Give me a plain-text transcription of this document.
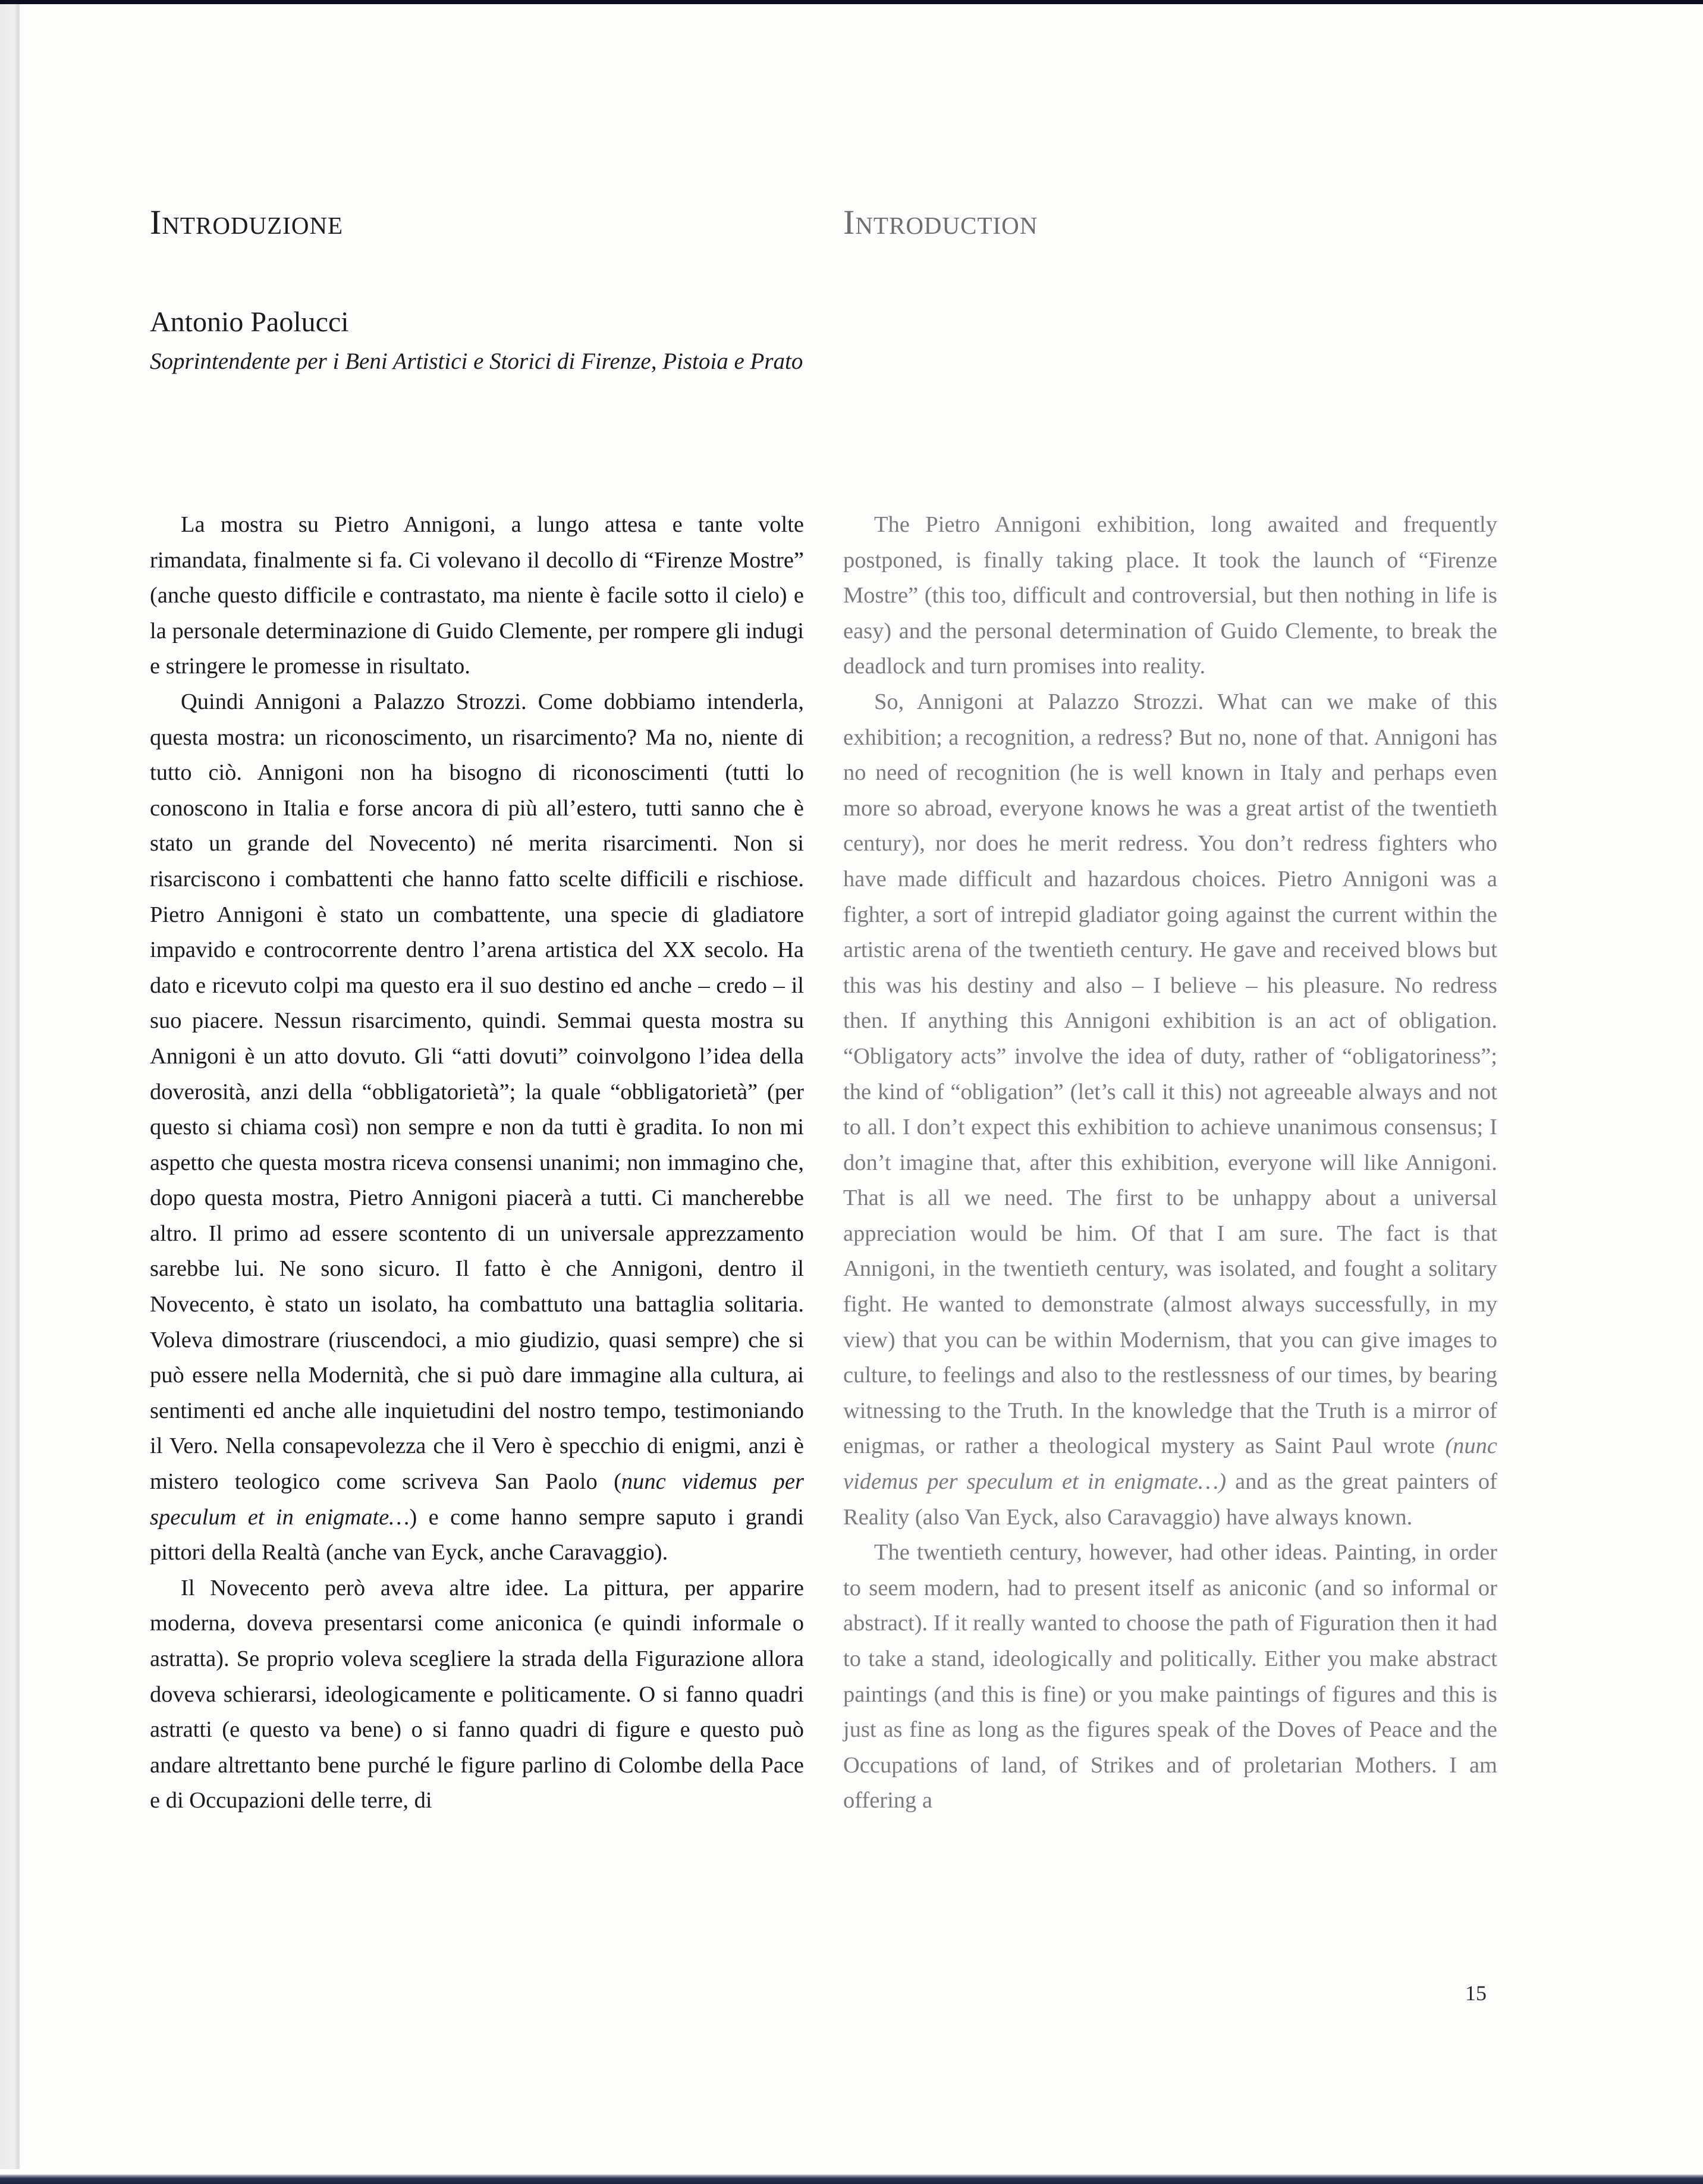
Introduzione
Antonio Paolucci
Soprintendente per i Beni Artistici e Storici di Firenze, Pistoia e Prato

La mostra su Pietro Annigoni, a lungo attesa e tante volte rimandata, finalmente si fa. Ci volevano il decollo di “Firenze Mostre” (anche questo difficile e contrastato, ma niente è facile sotto il cielo) e la personale determinazione di Guido Clemente, per rompere gli indugi e stringere le promesse in risultato.

Quindi Annigoni a Palazzo Strozzi. Come dobbiamo intenderla, questa mostra: un riconoscimento, un risarcimento? Ma no, niente di tutto ciò. Annigoni non ha bisogno di riconoscimenti (tutti lo conoscono in Italia e forse ancora di più all’estero, tutti sanno che è stato un grande del Novecento) né merita risarcimenti. Non si risarciscono i combattenti che hanno fatto scelte difficili e rischiose. Pietro Annigoni è stato un combattente, una specie di gladiatore impavido e controcorrente dentro l’arena artistica del XX secolo. Ha dato e ricevuto colpi ma questo era il suo destino ed anche – credo – il suo piacere. Nessun risarcimento, quindi. Semmai questa mostra su Annigoni è un atto dovuto. Gli “atti dovuti” coinvolgono l’idea della doverosità, anzi della “obbligatorietà”; la quale “obbligatorietà” (per questo si chiama così) non sempre e non da tutti è gradita. Io non mi aspetto che questa mostra riceva consensi unanimi; non immagino che, dopo questa mostra, Pietro Annigoni piacerà a tutti. Ci mancherebbe altro. Il primo ad essere scontento di un universale apprezzamento sarebbe lui. Ne sono sicuro. Il fatto è che Annigoni, dentro il Novecento, è stato un isolato, ha combattuto una battaglia solitaria. Voleva dimostrare (riuscendoci, a mio giudizio, quasi sempre) che si può essere nella Modernità, che si può dare immagine alla cultura, ai sentimenti ed anche alle inquietudini del nostro tempo, testimoniando il Vero. Nella consapevolezza che il Vero è specchio di enigmi, anzi è mistero teologico come scriveva San Paolo (nunc videmus per speculum et in enigmate…) e come hanno sempre saputo i grandi pittori della Realtà (anche van Eyck, anche Caravaggio).

Il Novecento però aveva altre idee. La pittura, per apparire moderna, doveva presentarsi come aniconica (e quindi informale o astratta). Se proprio voleva scegliere la strada della Figurazione allora doveva schierarsi, ideologicamente e politicamente. O si fanno quadri astratti (e questo va bene) o si fanno quadri di figure e questo può andare altrettanto bene purché le figure parlino di Colombe della Pace e di Occupazioni delle terre, di

Introduction

The Pietro Annigoni exhibition, long awaited and frequently postponed, is finally taking place. It took the launch of “Firenze Mostre” (this too, difficult and controversial, but then nothing in life is easy) and the personal determination of Guido Clemente, to break the deadlock and turn promises into reality.

So, Annigoni at Palazzo Strozzi. What can we make of this exhibition; a recognition, a redress? But no, none of that. Annigoni has no need of recognition (he is well known in Italy and perhaps even more so abroad, everyone knows he was a great artist of the twentieth century), nor does he merit redress. You don’t redress fighters who have made difficult and hazardous choices. Pietro Annigoni was a fighter, a sort of intrepid gladiator going against the current within the artistic arena of the twentieth century. He gave and received blows but this was his destiny and also – I believe – his pleasure. No redress then. If anything this Annigoni exhibition is an act of obligation. “Obligatory acts” involve the idea of duty, rather of “obligatoriness”; the kind of “obligation” (let’s call it this) not agreeable always and not to all. I don’t expect this exhibition to achieve unanimous consensus; I don’t imagine that, after this exhibition, everyone will like Annigoni. That is all we need. The first to be unhappy about a universal appreciation would be him. Of that I am sure. The fact is that Annigoni, in the twentieth century, was isolated, and fought a solitary fight. He wanted to demonstrate (almost always successfully, in my view) that you can be within Modernism, that you can give images to culture, to feelings and also to the restlessness of our times, by bearing witnessing to the Truth. In the knowledge that the Truth is a mirror of enigmas, or rather a theological mystery as Saint Paul wrote (nunc videmus per speculum et in enigmate…) and as the great painters of Reality (also Van Eyck, also Caravaggio) have always known.

The twentieth century, however, had other ideas. Painting, in order to seem modern, had to present itself as aniconic (and so informal or abstract). If it really wanted to choose the path of Figuration then it had to take a stand, ideologically and politically. Either you make abstract paintings (and this is fine) or you make paintings of figures and this is just as fine as long as the figures speak of the Doves of Peace and the Occupations of land, of Strikes and of proletarian Mothers. I am offering a

15
